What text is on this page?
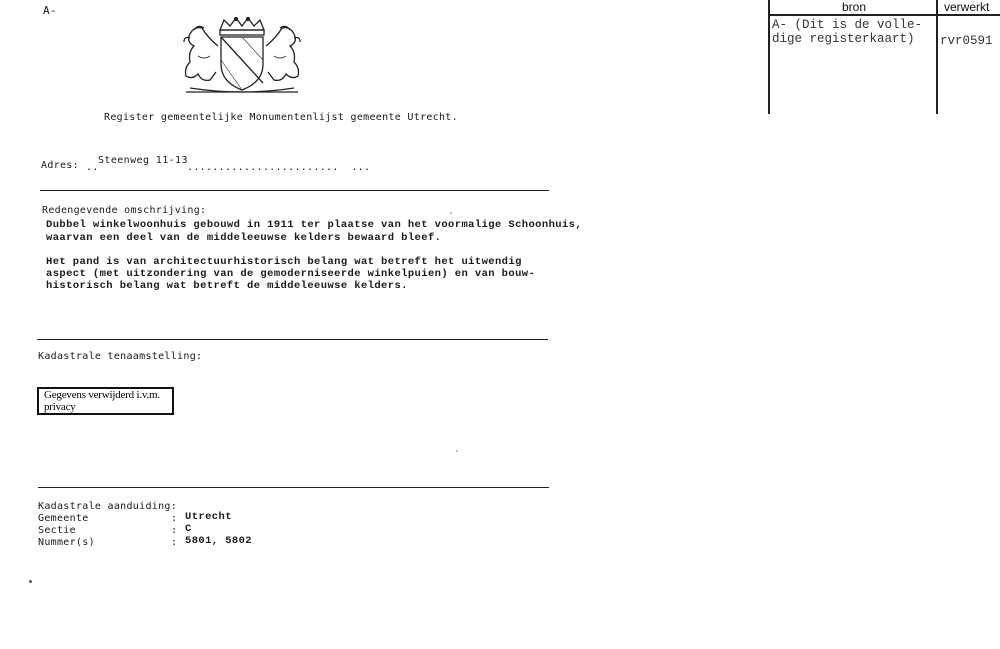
A-
Register gemeentelijke Monumentenlijst gemeente Utrecht.
Adres: ..
Steenweg 11-13
........................  ...
Redengevende omschrijving:
Dubbel winkelwoonhuis gebouwd in 1911 ter plaatse van het voormalige Schoonhuis,
waarvan een deel van de middeleeuwse kelders bewaard bleef.
Het pand is van architectuurhistorisch belang wat betreft het uitwendig
aspect (met uitzondering van de gemoderniseerde winkelpuien) en van bouw-
historisch belang wat betreft de middeleeuwse kelders.
Kadastrale tenaamstelling:
Gegevens verwijderd i.v.m. privacy
Kadastrale aanduiding:
Gemeente	: Utrecht
Sectie	: C
Nummer(s)	: 5801, 5802
bron	verwerkt
A- (Dit is de volle-
dige registerkaart) rvr0591
